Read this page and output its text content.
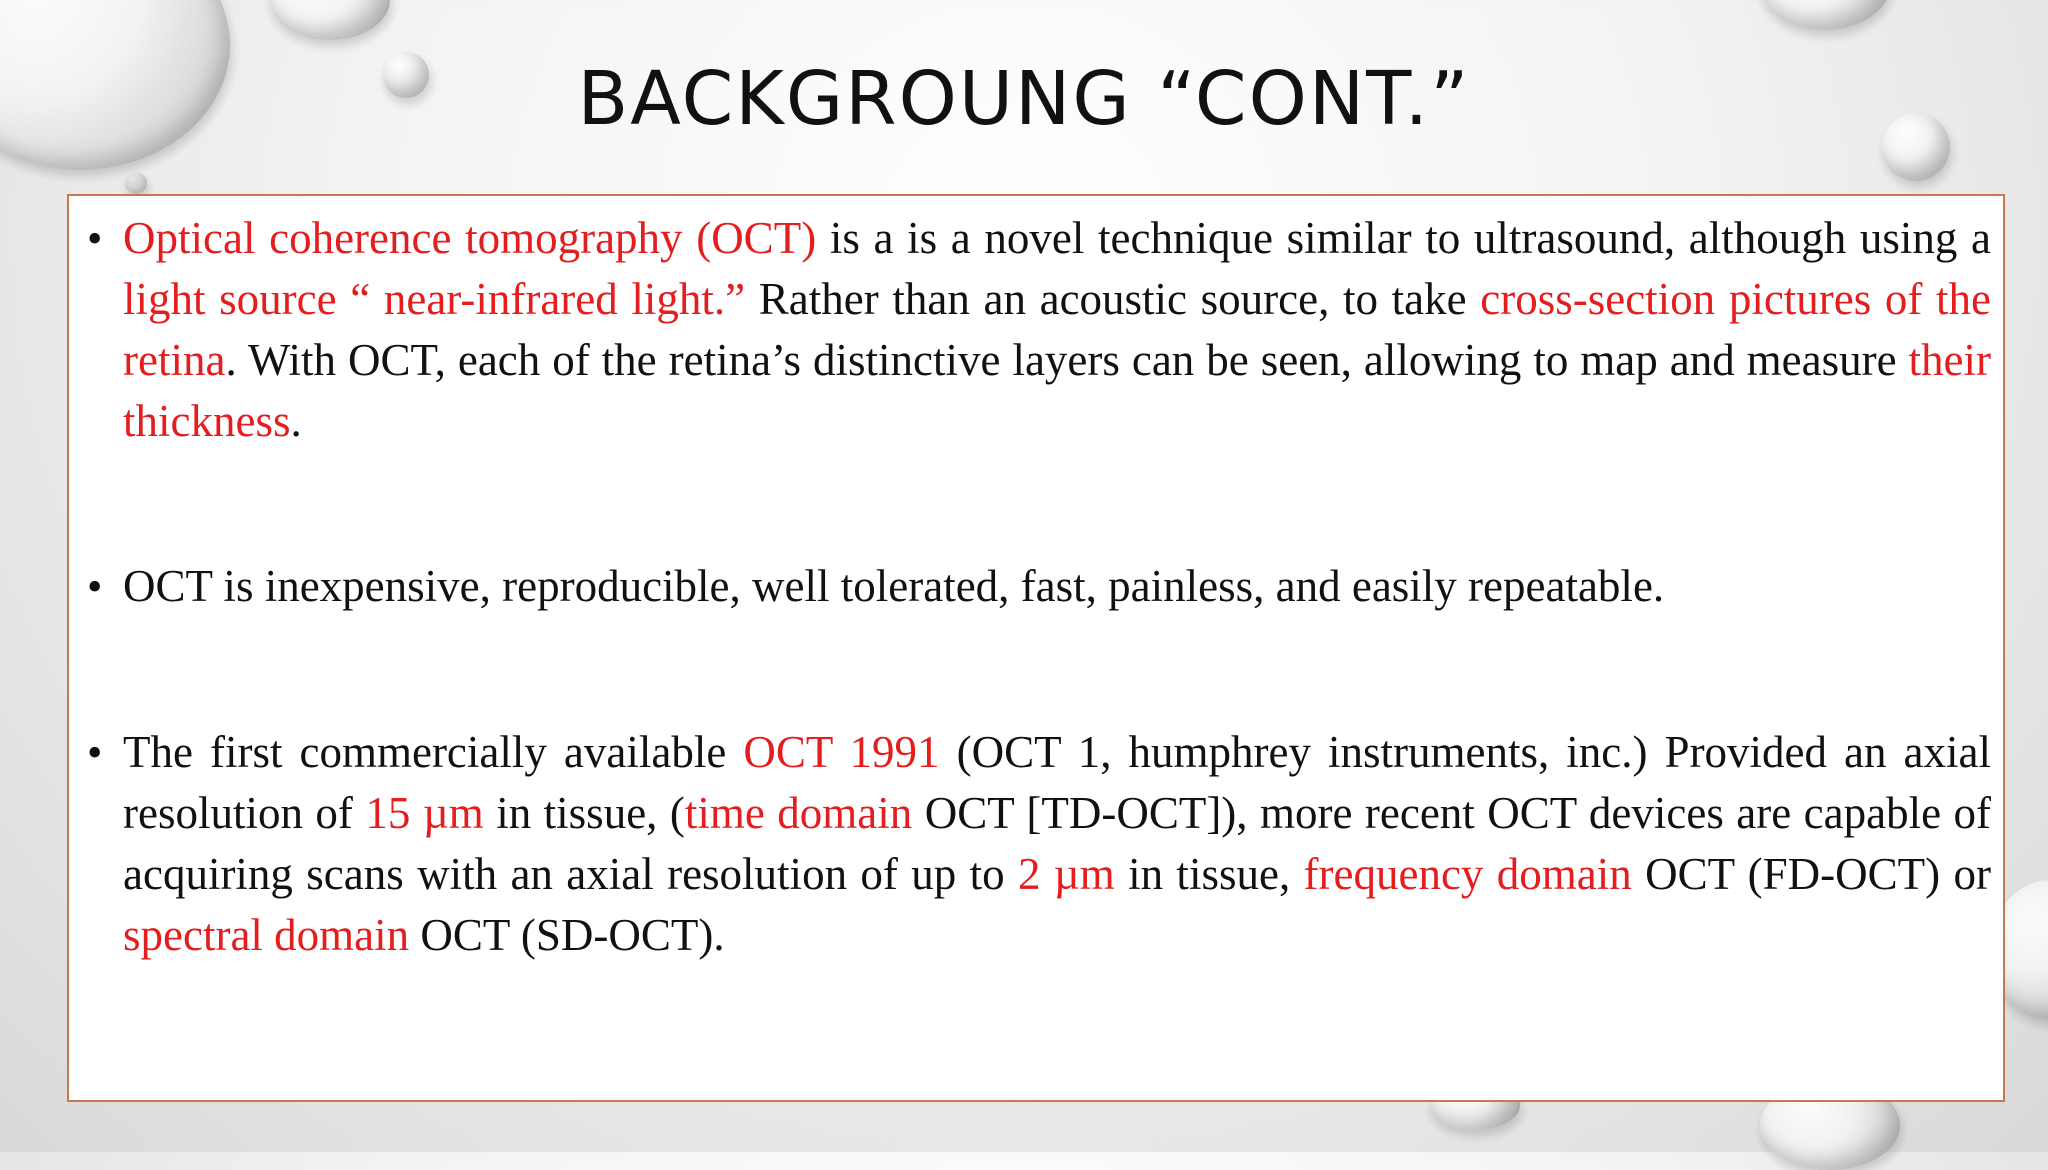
BACKGROUNG “CONT.”
• Optical coherence tomography (OCT) is a is a novel technique similar to ultrasound, although using a light source “ near-infrared light.” Rather than an acoustic source, to take cross-section pictures of the retina. With OCT, each of the retina’s distinctive layers can be seen, allowing to map and measure their thickness.
• OCT is inexpensive, reproducible, well tolerated, fast, painless, and easily repeatable.
• The first commercially available OCT 1991 (OCT 1, humphrey instruments, inc.) Provided an axial resolution of 15 µm in tissue, (time domain OCT [TD-OCT]), more recent OCT devices are capable of acquiring scans with an axial resolution of up to 2 µm in tissue, frequency domain OCT (FD-OCT) or spectral domain OCT (SD-OCT).
